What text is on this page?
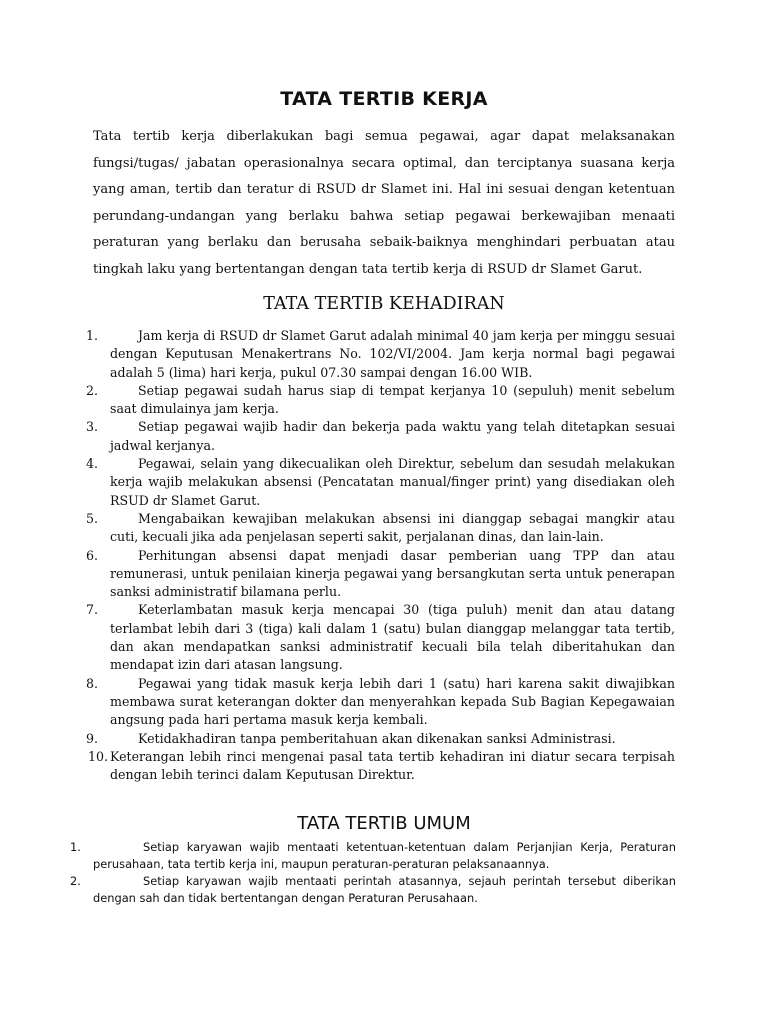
TATA TERTIB KERJA
Tata tertib kerja diberlakukan bagi semua pegawai, agar dapat melaksanakan fungsi/tugas/ jabatan operasionalnya secara optimal, dan terciptanya suasana kerja yang aman, tertib dan teratur di RSUD dr Slamet ini. Hal ini sesuai dengan ketentuan perundang-undangan yang berlaku bahwa setiap pegawai berkewajiban menaati peraturan yang berlaku dan berusaha sebaik-baiknya menghindari perbuatan atau tingkah laku yang bertentangan dengan tata tertib kerja di RSUD dr Slamet Garut.
TATA TERTIB KEHADIRAN
1.	Jam kerja di RSUD dr Slamet Garut adalah minimal 40 jam kerja per minggu sesuai dengan Keputusan Menakertrans No. 102/VI/2004. Jam kerja normal bagi pegawai adalah 5 (lima) hari kerja, pukul 07.30 sampai dengan 16.00 WIB.
2.	Setiap pegawai sudah harus siap di tempat kerjanya 10 (sepuluh) menit sebelum saat dimulainya jam kerja.
3.	Setiap pegawai wajib hadir dan bekerja pada waktu yang telah ditetapkan sesuai jadwal kerjanya.
4.	Pegawai, selain yang dikecualikan oleh Direktur, sebelum dan sesudah melakukan kerja wajib melakukan absensi (Pencatatan manual/finger print) yang disediakan oleh RSUD dr Slamet Garut.
5.	Mengabaikan kewajiban melakukan absensi ini dianggap sebagai mangkir atau cuti, kecuali jika ada penjelasan seperti sakit, perjalanan dinas, dan lain-lain.
6.	Perhitungan absensi dapat menjadi dasar pemberian uang TPP dan atau remunerasi, untuk penilaian kinerja pegawai yang bersangkutan serta untuk penerapan sanksi administratif bilamana perlu.
7.	Keterlambatan masuk kerja mencapai 30 (tiga puluh) menit dan atau datang terlambat lebih dari 3 (tiga) kali dalam 1 (satu) bulan dianggap melanggar tata tertib, dan akan mendapatkan sanksi administratif kecuali bila telah diberitahukan dan mendapat izin dari atasan langsung.
8.	Pegawai yang tidak masuk kerja lebih dari 1 (satu) hari karena sakit diwajibkan membawa surat keterangan dokter dan menyerahkan kepada Sub Bagian Kepegawaian angsung pada hari pertama masuk kerja kembali.
9.	Ketidakhadiran tanpa pemberitahuan akan dikenakan sanksi Administrasi.
10. Keterangan lebih rinci mengenai pasal tata tertib kehadiran ini diatur secara terpisah dengan lebih terinci dalam Keputusan Direktur.
TATA TERTIB UMUM
1.	Setiap karyawan wajib mentaati ketentuan-ketentuan dalam Perjanjian Kerja, Peraturan perusahaan, tata tertib kerja ini, maupun peraturan-peraturan pelaksanaannya.
2.	Setiap karyawan wajib mentaati perintah atasannya, sejauh perintah tersebut diberikan dengan sah dan tidak bertentangan dengan Peraturan Perusahaan.
